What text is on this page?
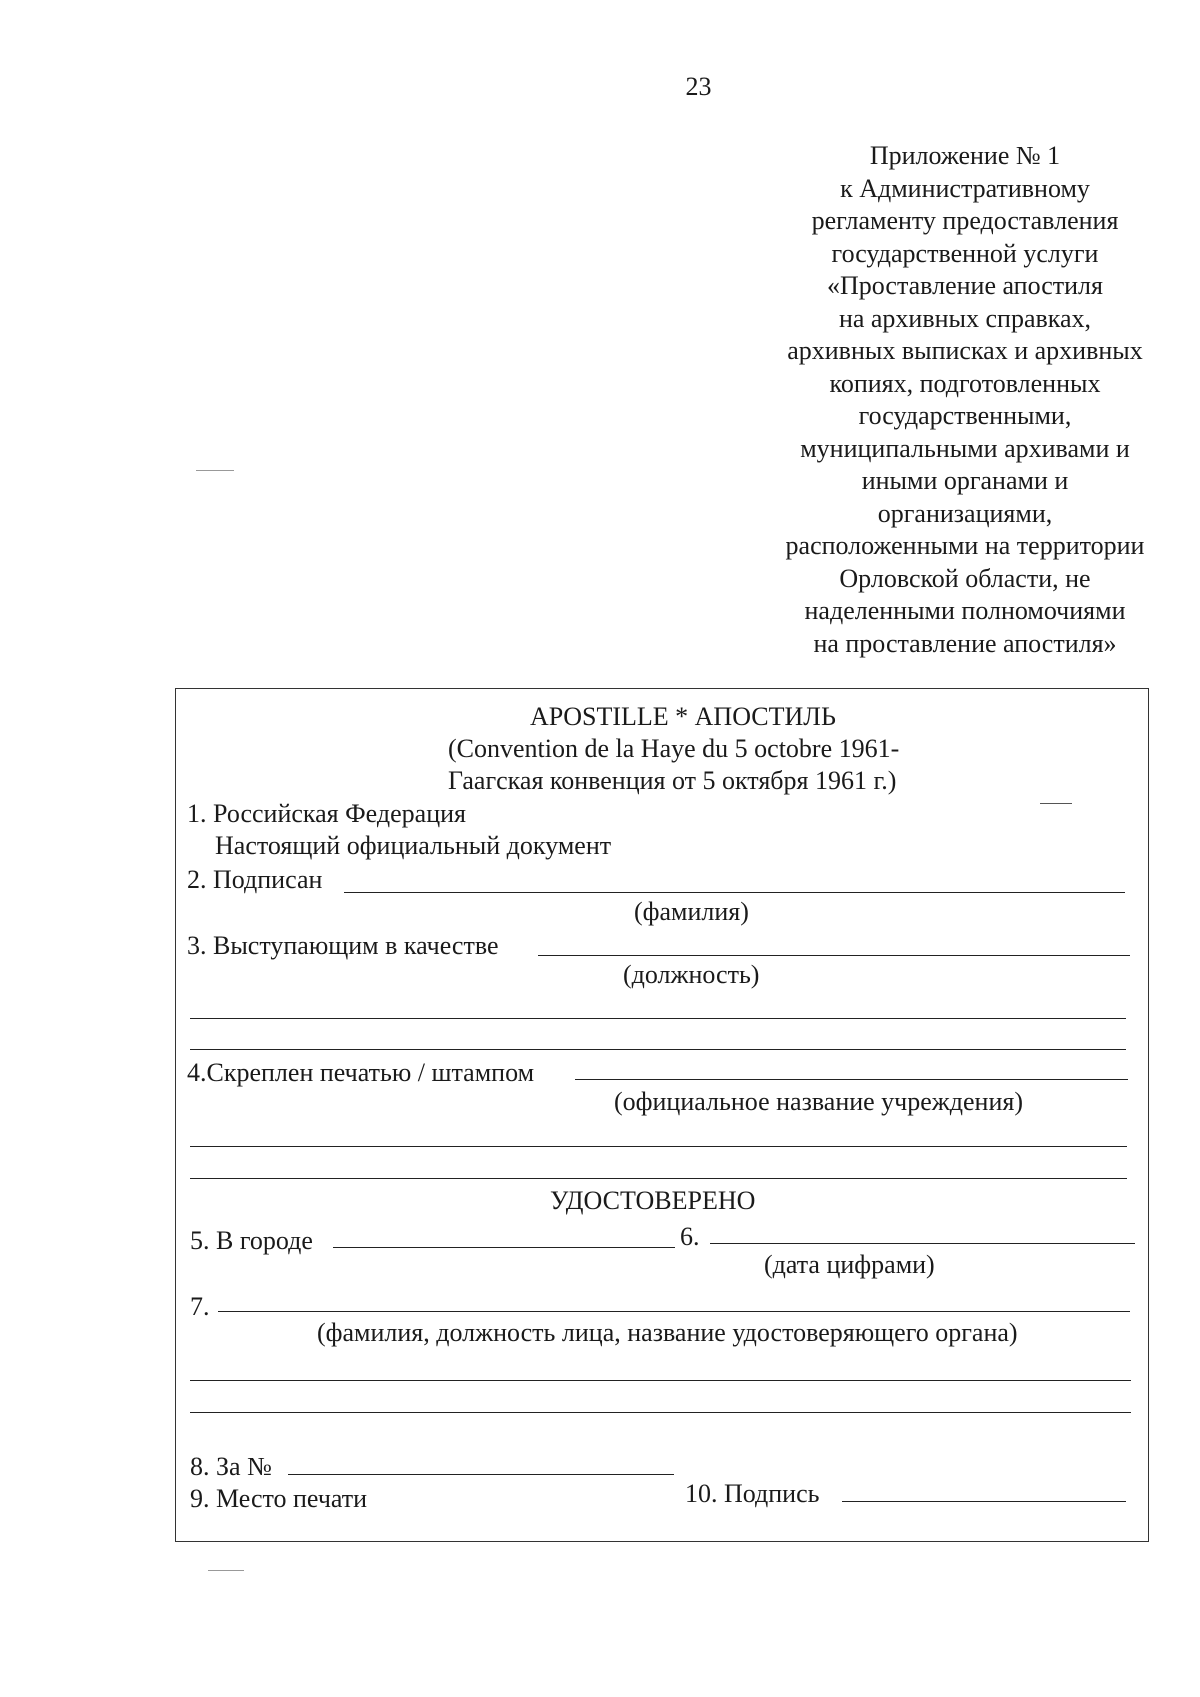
23
Приложение № 1
к Административному
регламенту предоставления
государственной услуги
«Проставление апостиля
на архивных справках,
архивных выписках и архивных
копиях, подготовленных
государственными,
муниципальными архивами и
иными органами и
организациями,
расположенными на территории
Орловской области, не
наделенными полномочиями
на проставление апостиля»
APOSTILLE * АПОСТИЛЬ
(Convention de la Haye du 5 octobre 1961-
Гаагская конвенция от 5 октября 1961 г.)
1. Российская Федерация
Настоящий официальный документ
2. Подписан
(фамилия)
3. Выступающим в качестве
(должность)
4.Скреплен печатью / штампом
(официальное название учреждения)
УДОСТОВЕРЕНО
5. В городе	6.
(дата цифрами)
7.
(фамилия, должность лица, название удостоверяющего органа)
8. За №
9. Место печати	10. Подпись
